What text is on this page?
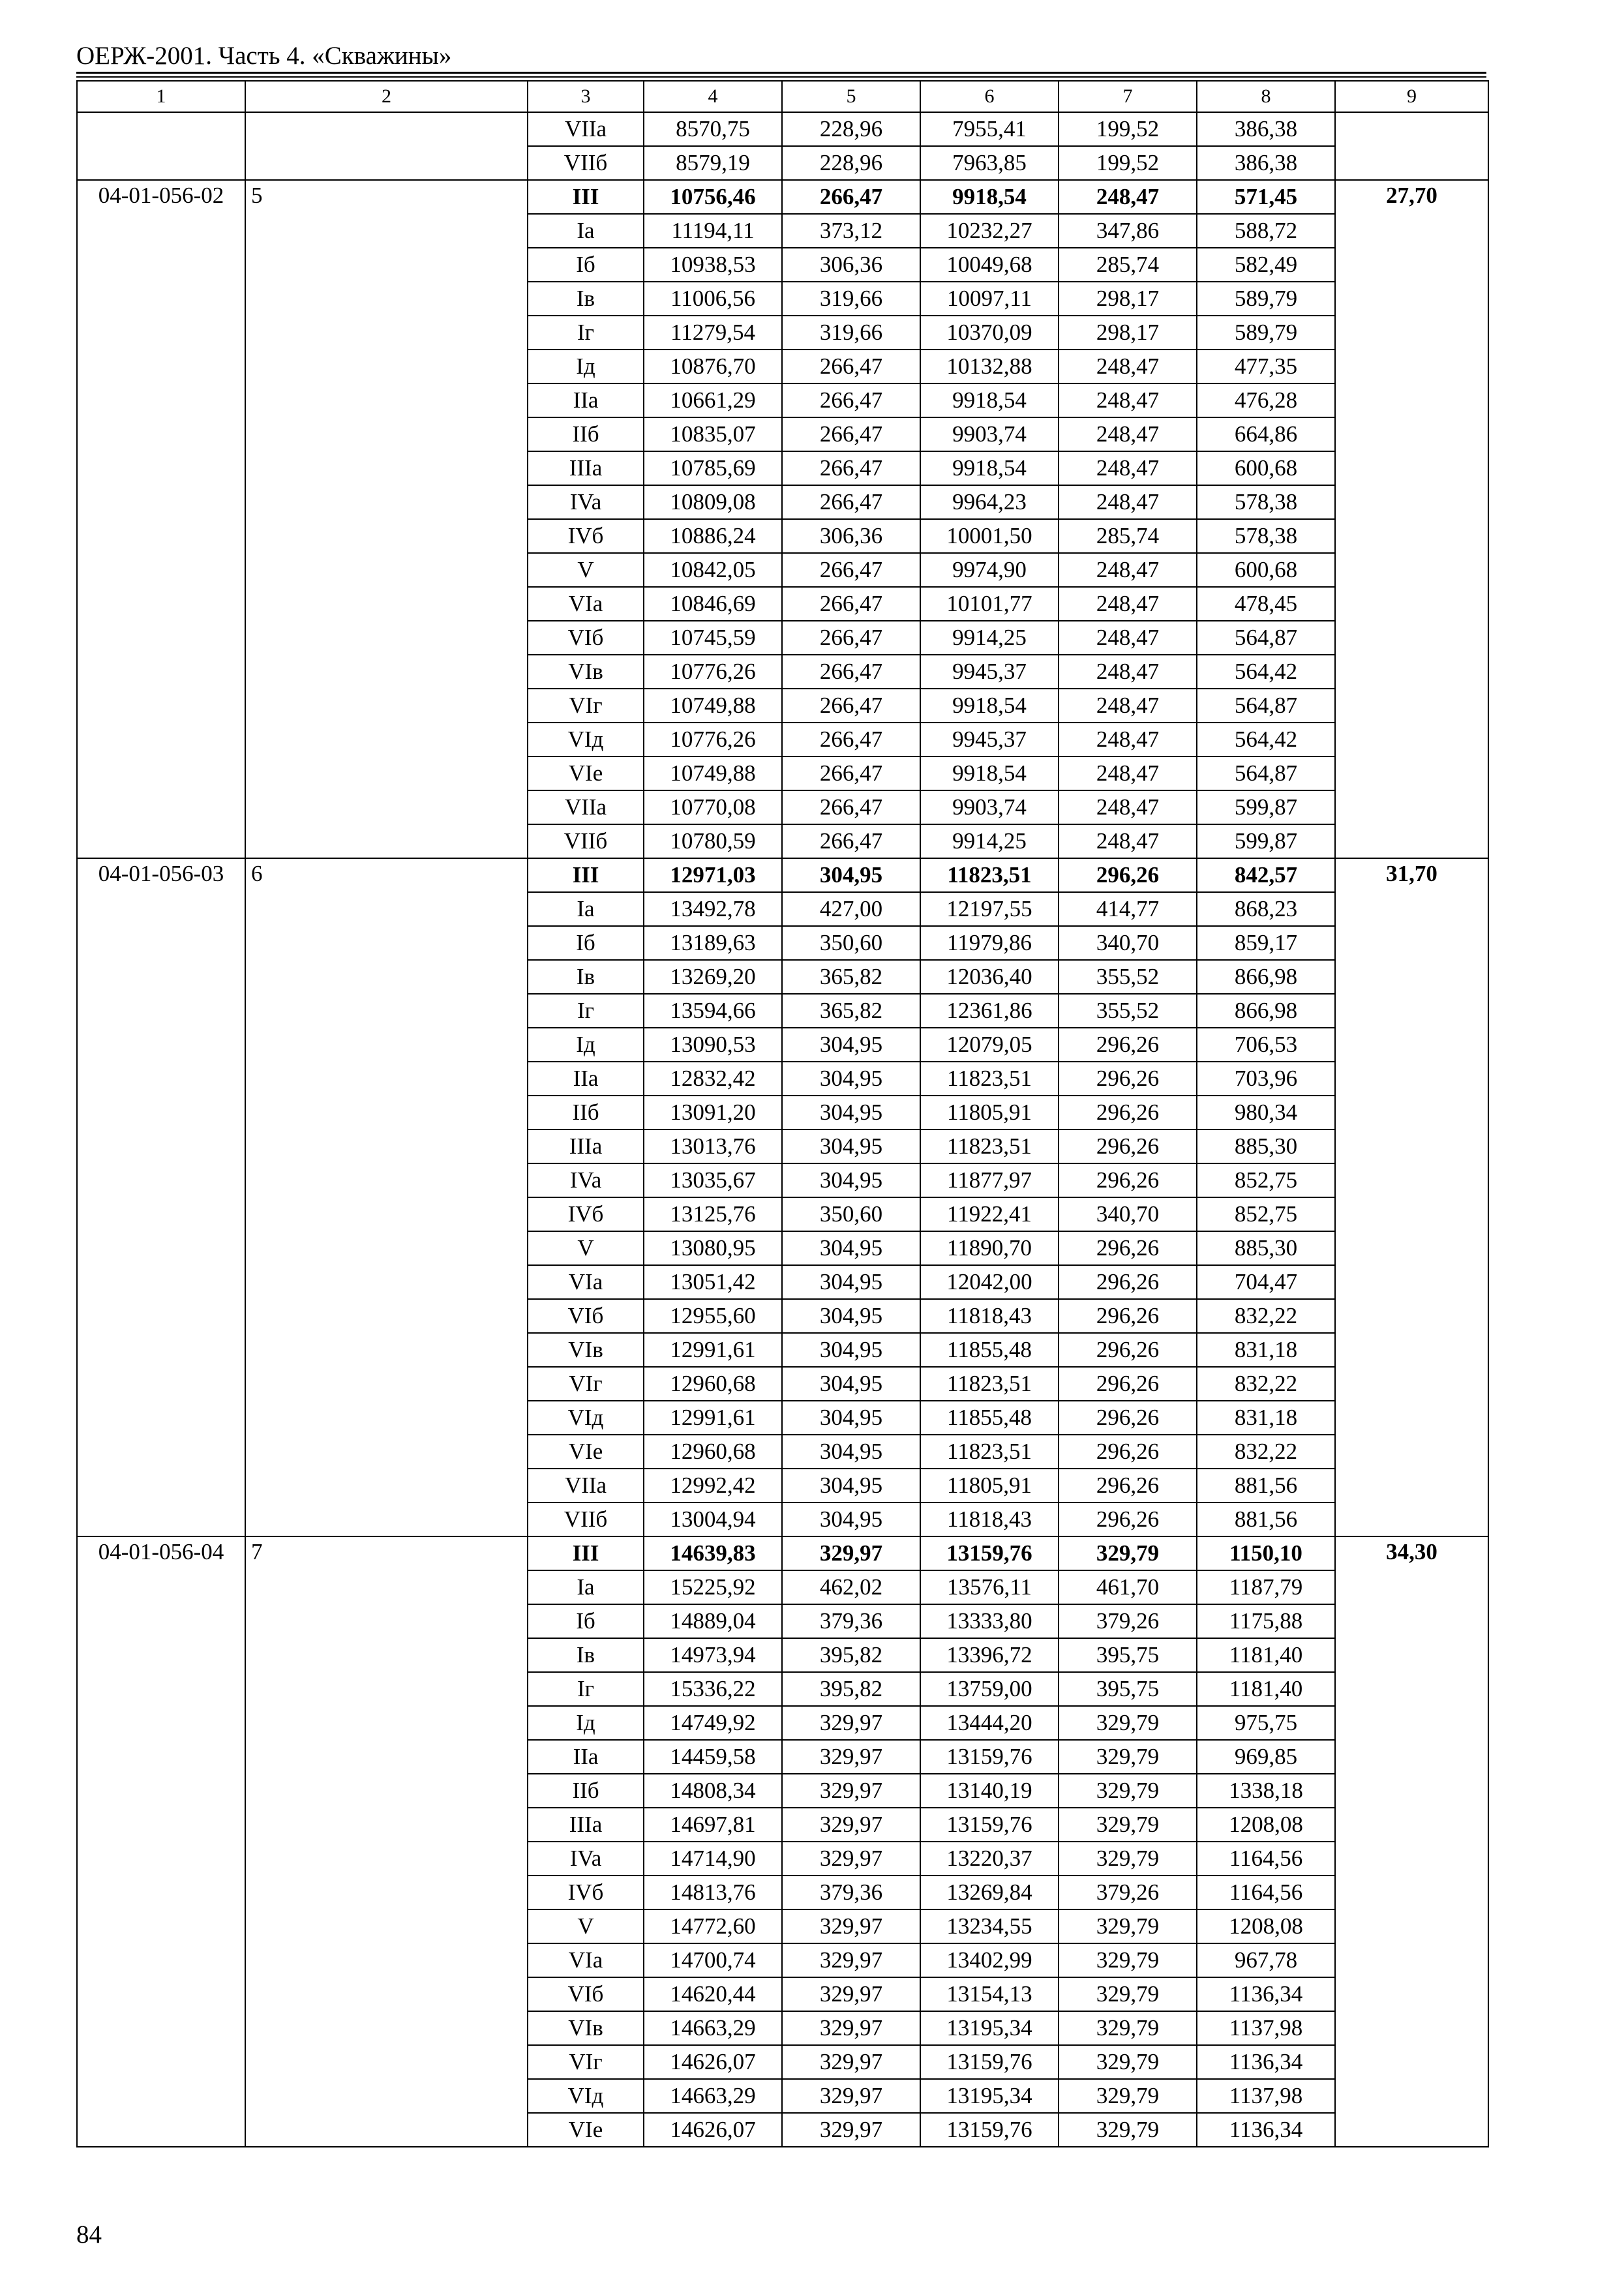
ОЕРЖ-2001. Часть 4. «Скважины»
1	2	3	4	5	6	7	8	9
		VIIa	8570,75	228,96	7955,41	199,52	386,38	
		VIIб	8579,19	228,96	7963,85	199,52	386,38	
04-01-056-02	5	III	10756,46	266,47	9918,54	248,47	571,45	27,70
		Ia	11194,11	373,12	10232,27	347,86	588,72	
		Iб	10938,53	306,36	10049,68	285,74	582,49	
		Iв	11006,56	319,66	10097,11	298,17	589,79	
		Iг	11279,54	319,66	10370,09	298,17	589,79	
		Iд	10876,70	266,47	10132,88	248,47	477,35	
		IIa	10661,29	266,47	9918,54	248,47	476,28	
		IIб	10835,07	266,47	9903,74	248,47	664,86	
		IIIa	10785,69	266,47	9918,54	248,47	600,68	
		IVa	10809,08	266,47	9964,23	248,47	578,38	
		IVб	10886,24	306,36	10001,50	285,74	578,38	
		V	10842,05	266,47	9974,90	248,47	600,68	
		VIa	10846,69	266,47	10101,77	248,47	478,45	
		VIб	10745,59	266,47	9914,25	248,47	564,87	
		VIв	10776,26	266,47	9945,37	248,47	564,42	
		VIг	10749,88	266,47	9918,54	248,47	564,87	
		VIд	10776,26	266,47	9945,37	248,47	564,42	
		VIe	10749,88	266,47	9918,54	248,47	564,87	
		VIIa	10770,08	266,47	9903,74	248,47	599,87	
		VIIб	10780,59	266,47	9914,25	248,47	599,87	
04-01-056-03	6	III	12971,03	304,95	11823,51	296,26	842,57	31,70
		Ia	13492,78	427,00	12197,55	414,77	868,23	
		Iб	13189,63	350,60	11979,86	340,70	859,17	
		Iв	13269,20	365,82	12036,40	355,52	866,98	
		Iг	13594,66	365,82	12361,86	355,52	866,98	
		Iд	13090,53	304,95	12079,05	296,26	706,53	
		IIa	12832,42	304,95	11823,51	296,26	703,96	
		IIб	13091,20	304,95	11805,91	296,26	980,34	
		IIIa	13013,76	304,95	11823,51	296,26	885,30	
		IVa	13035,67	304,95	11877,97	296,26	852,75	
		IVб	13125,76	350,60	11922,41	340,70	852,75	
		V	13080,95	304,95	11890,70	296,26	885,30	
		VIa	13051,42	304,95	12042,00	296,26	704,47	
		VIб	12955,60	304,95	11818,43	296,26	832,22	
		VIв	12991,61	304,95	11855,48	296,26	831,18	
		VIг	12960,68	304,95	11823,51	296,26	832,22	
		VIд	12991,61	304,95	11855,48	296,26	831,18	
		VIe	12960,68	304,95	11823,51	296,26	832,22	
		VIIa	12992,42	304,95	11805,91	296,26	881,56	
		VIIб	13004,94	304,95	11818,43	296,26	881,56	
04-01-056-04	7	III	14639,83	329,97	13159,76	329,79	1150,10	34,30
		Ia	15225,92	462,02	13576,11	461,70	1187,79	
		Iб	14889,04	379,36	13333,80	379,26	1175,88	
		Iв	14973,94	395,82	13396,72	395,75	1181,40	
		Iг	15336,22	395,82	13759,00	395,75	1181,40	
		Iд	14749,92	329,97	13444,20	329,79	975,75	
		IIa	14459,58	329,97	13159,76	329,79	969,85	
		IIб	14808,34	329,97	13140,19	329,79	1338,18	
		IIIa	14697,81	329,97	13159,76	329,79	1208,08	
		IVa	14714,90	329,97	13220,37	329,79	1164,56	
		IVб	14813,76	379,36	13269,84	379,26	1164,56	
		V	14772,60	329,97	13234,55	329,79	1208,08	
		VIa	14700,74	329,97	13402,99	329,79	967,78	
		VIб	14620,44	329,97	13154,13	329,79	1136,34	
		VIв	14663,29	329,97	13195,34	329,79	1137,98	
		VIг	14626,07	329,97	13159,76	329,79	1136,34	
		VIд	14663,29	329,97	13195,34	329,79	1137,98	
		VIe	14626,07	329,97	13159,76	329,79	1136,34	
84
